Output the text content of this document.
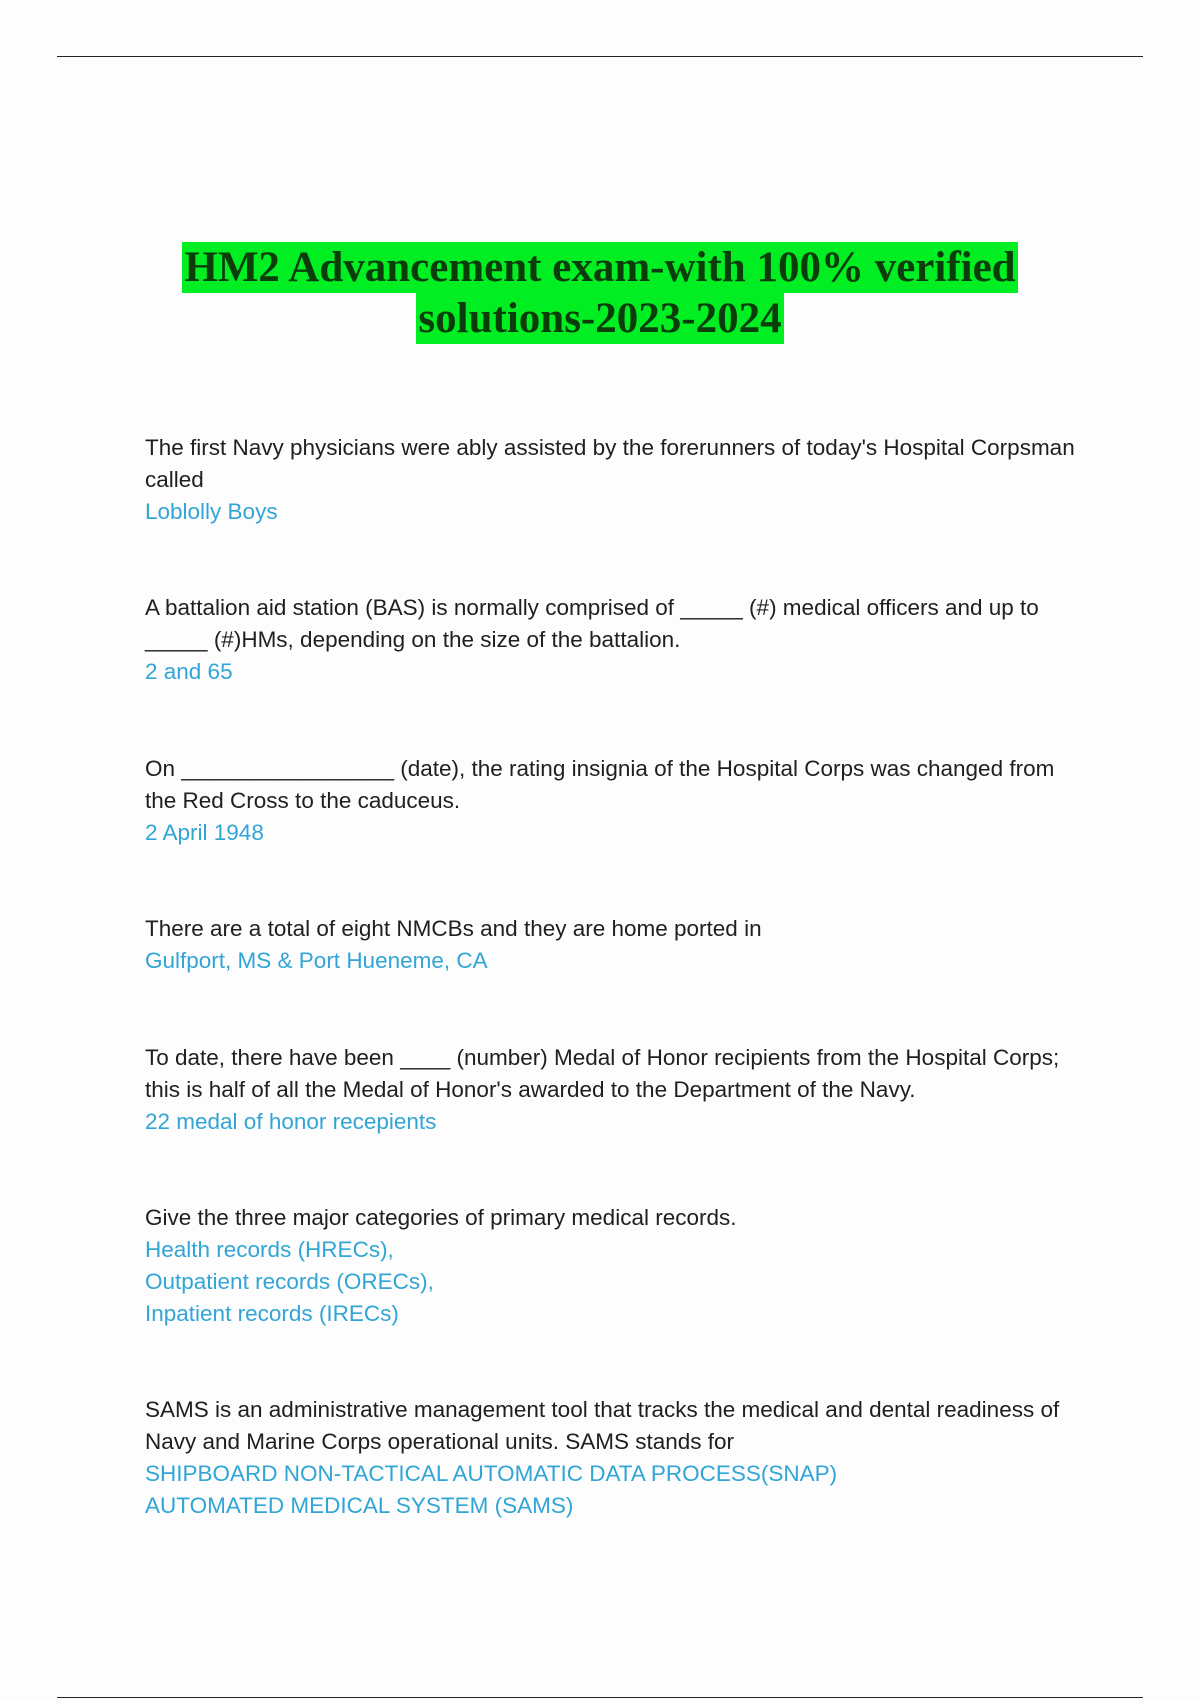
HM2 Advancement exam-with 100% verified
solutions-2023-2024
The first Navy physicians were ably assisted by the forerunners of today's Hospital Corpsman called
Loblolly Boys
A battalion aid station (BAS) is normally comprised of _____ (#) medical officers and up to _____ (#)HMs, depending on the size of the battalion.
2 and 65
On _________________ (date), the rating insignia of the Hospital Corps was changed from the Red Cross to the caduceus.
2 April 1948
There are a total of eight NMCBs and they are home ported in
Gulfport, MS & Port Hueneme, CA
To date, there have been ____ (number) Medal of Honor recipients from the Hospital Corps; this is half of all the Medal of Honor's awarded to the Department of the Navy.
22 medal of honor recepients
Give the three major categories of primary medical records.
Health records (HRECs),
Outpatient records (ORECs),
Inpatient records (IRECs)
SAMS is an administrative management tool that tracks the medical and dental readiness of Navy and Marine Corps operational units. SAMS stands for
SHIPBOARD NON-TACTICAL AUTOMATIC DATA PROCESS(SNAP)
AUTOMATED MEDICAL SYSTEM (SAMS)
